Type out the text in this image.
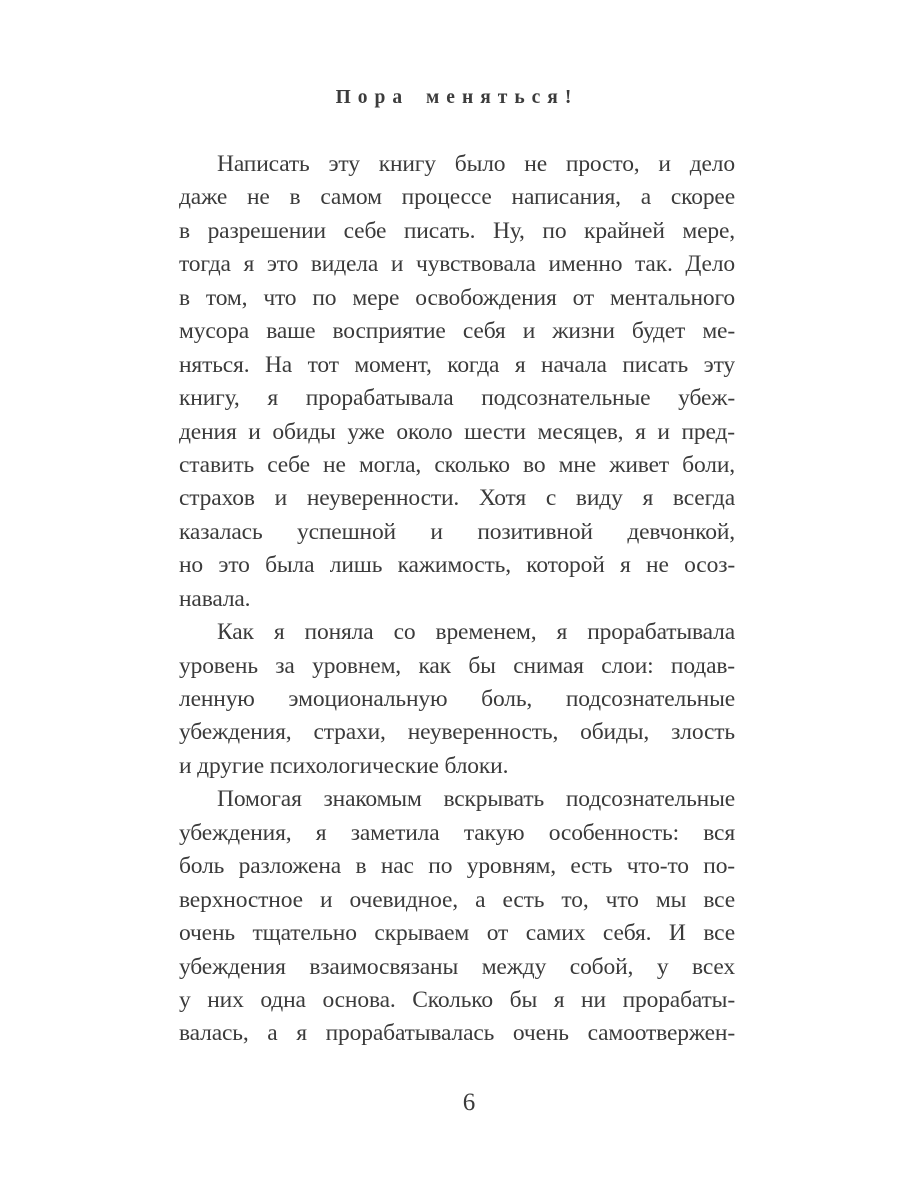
Пора меняться!
Написать эту книгу было не просто, и дело
даже не в самом процессе написания, а скорее
в разрешении себе писать. Ну, по крайней мере,
тогда я это видела и чувствовала именно так. Дело
в том, что по мере освобождения от ментального
мусора ваше восприятие себя и жизни будет ме-
няться. На тот момент, когда я начала писать эту
книгу, я прорабатывала подсознательные убеж-
дения и обиды уже около шести месяцев, я и пред-
ставить себе не могла, сколько во мне живет боли,
страхов и неуверенности. Хотя с виду я всегда
казалась успешной и позитивной девчонкой,
но это была лишь кажимость, которой я не осоз-
навала.
Как я поняла со временем, я прорабатывала
уровень за уровнем, как бы снимая слои: подав-
ленную эмоциональную боль, подсознательные
убеждения, страхи, неуверенность, обиды, злость
и другие психологические блоки.
Помогая знакомым вскрывать подсознательные
убеждения, я заметила такую особенность: вся
боль разложена в нас по уровням, есть что-то по-
верхностное и очевидное, а есть то, что мы все
очень тщательно скрываем от самих себя. И все
убеждения взаимосвязаны между собой, у всех
у них одна основа. Сколько бы я ни прорабаты-
валась, а я прорабатывалась очень самоотвержен-
6
